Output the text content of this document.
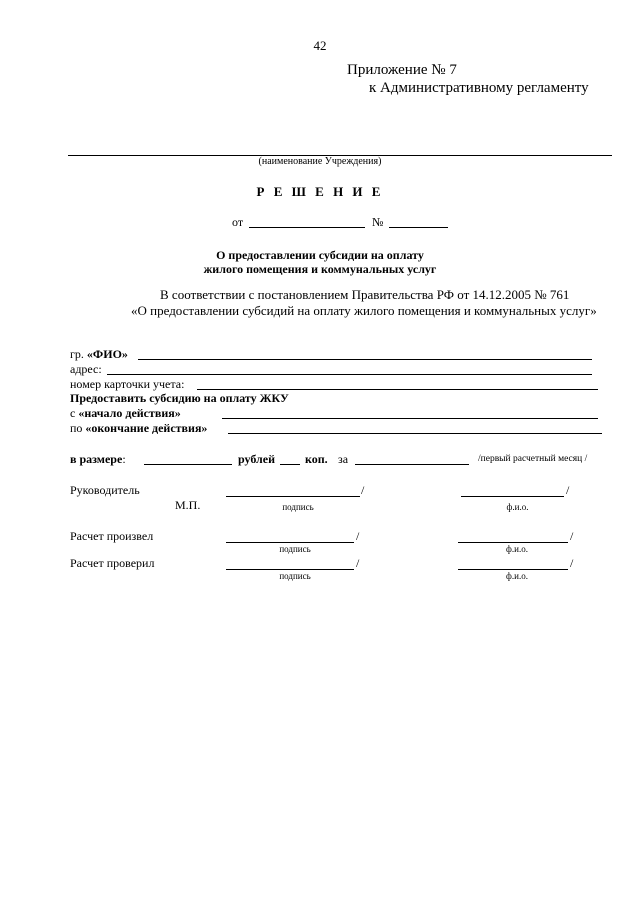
42
Приложение № 7
к Административному регламенту
(наименование Учреждения)
Р Е Ш Е Н И Е
от	№
О предоставлении субсидии на оплату
жилого помещения и коммунальных услуг
В соответствии с постановлением Правительства РФ от 14.12.2005 № 761
«О предоставлении субсидий на оплату жилого помещения и коммунальных услуг»
гр. «ФИО»
адрес:
номер карточки учета:
Предоставить субсидию на оплату ЖКУ
с «начало действия»
по «окончание действия»
в размере:	рублей коп. за	/первый расчетный месяц /
Руководитель	/	/
М.П.	подпись	ф.и.о.
Расчет произвел	/	/
подпись	ф.и.о.
Расчет проверил	/	/
подпись	ф.и.о.
